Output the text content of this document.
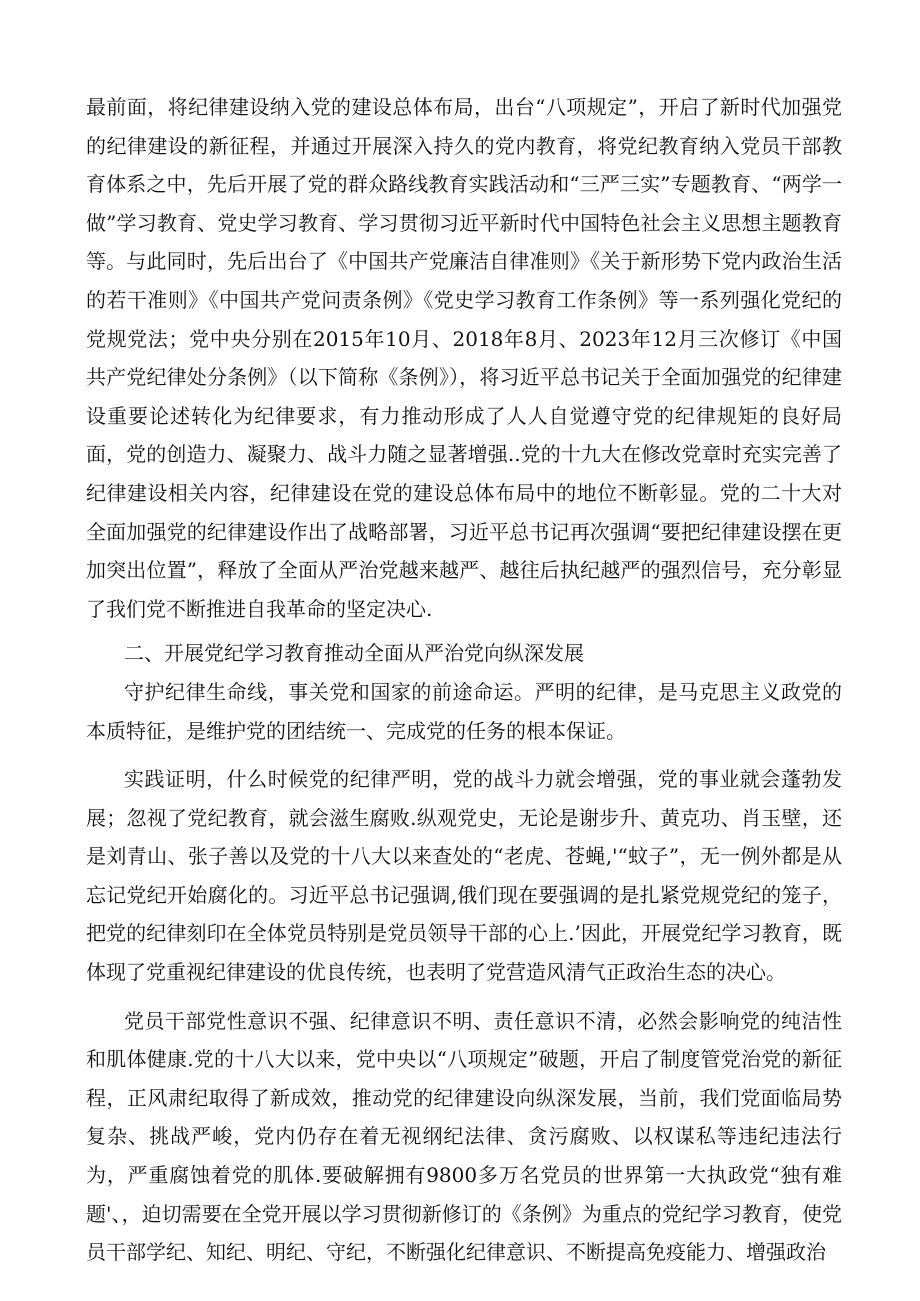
最前面，将纪律建设纳入党的建设总体布局，出台“八项规定”，开启了新时代加强党的纪律建设的新征程，并通过开展深入持久的党内教育，将党纪教育纳入党员干部教育体系之中，先后开展了党的群众路线教育实践活动和“三严三实”专题教育、“两学一做”学习教育、党史学习教育、学习贯彻习近平新时代中国特色社会主义思想主题教育等。与此同时，先后出台了《中国共产党廉洁自律准则》《关于新形势下党内政治生活的若干准则》《中国共产党问责条例》《党史学习教育工作条例》等一系列强化党纪的党规党法；党中央分别在2015年10月、2018年8月、2023年12月三次修订《中国共产党纪律处分条例》（以下简称《条例》），将习近平总书记关于全面加强党的纪律建设重要论述转化为纪律要求，有力推动形成了人人自觉遵守党的纪律规矩的良好局面，党的创造力、凝聚力、战斗力随之显著增强..党的十九大在修改党章时充实完善了纪律建设相关内容，纪律建设在党的建设总体布局中的地位不断彰显。党的二十大对全面加强党的纪律建设作出了战略部署，习近平总书记再次强调“要把纪律建设摆在更加突出位置”，释放了全面从严治党越来越严、越往后执纪越严的强烈信号，充分彰显了我们党不断推进自我革命的坚定决心.

二、开展党纪学习教育推动全面从严治党向纵深发展

守护纪律生命线，事关党和国家的前途命运。严明的纪律，是马克思主义政党的本质特征，是维护党的团结统一、完成党的任务的根本保证。

实践证明，什么时候党的纪律严明，党的战斗力就会增强，党的事业就会蓬勃发展；忽视了党纪教育，就会滋生腐败.纵观党史，无论是谢步升、黄克功、肖玉壁，还是刘青山、张子善以及党的十八大以来查处的“老虎、苍蝇,'“蚊子”，无一例外都是从忘记党纪开始腐化的。习近平总书记强调,俄们现在要强调的是扎紧党规党纪的笼子，把党的纪律刻印在全体党员特别是党员领导干部的心上.’因此，开展党纪学习教育，既体现了党重视纪律建设的优良传统，也表明了党营造风清气正政治生态的决心。

党员干部党性意识不强、纪律意识不明、责任意识不清，必然会影响党的纯洁性和肌体健康.党的十八大以来，党中央以“八项规定”破题，开启了制度管党治党的新征程，正风肃纪取得了新成效，推动党的纪律建设向纵深发展，当前，我们党面临局势复杂、挑战严峻，党内仍存在着无视纲纪法律、贪污腐败、以权谋私等违纪违法行为，严重腐蚀着党的肌体.要破解拥有9800多万名党员的世界第一大执政党“独有难题'、，迫切需要在全党开展以学习贯彻新修订的《条例》为重点的党纪学习教育，使党员干部学纪、知纪、明纪、守纪，不断强化纪律意识、不断提高免疫能力、增强政治
